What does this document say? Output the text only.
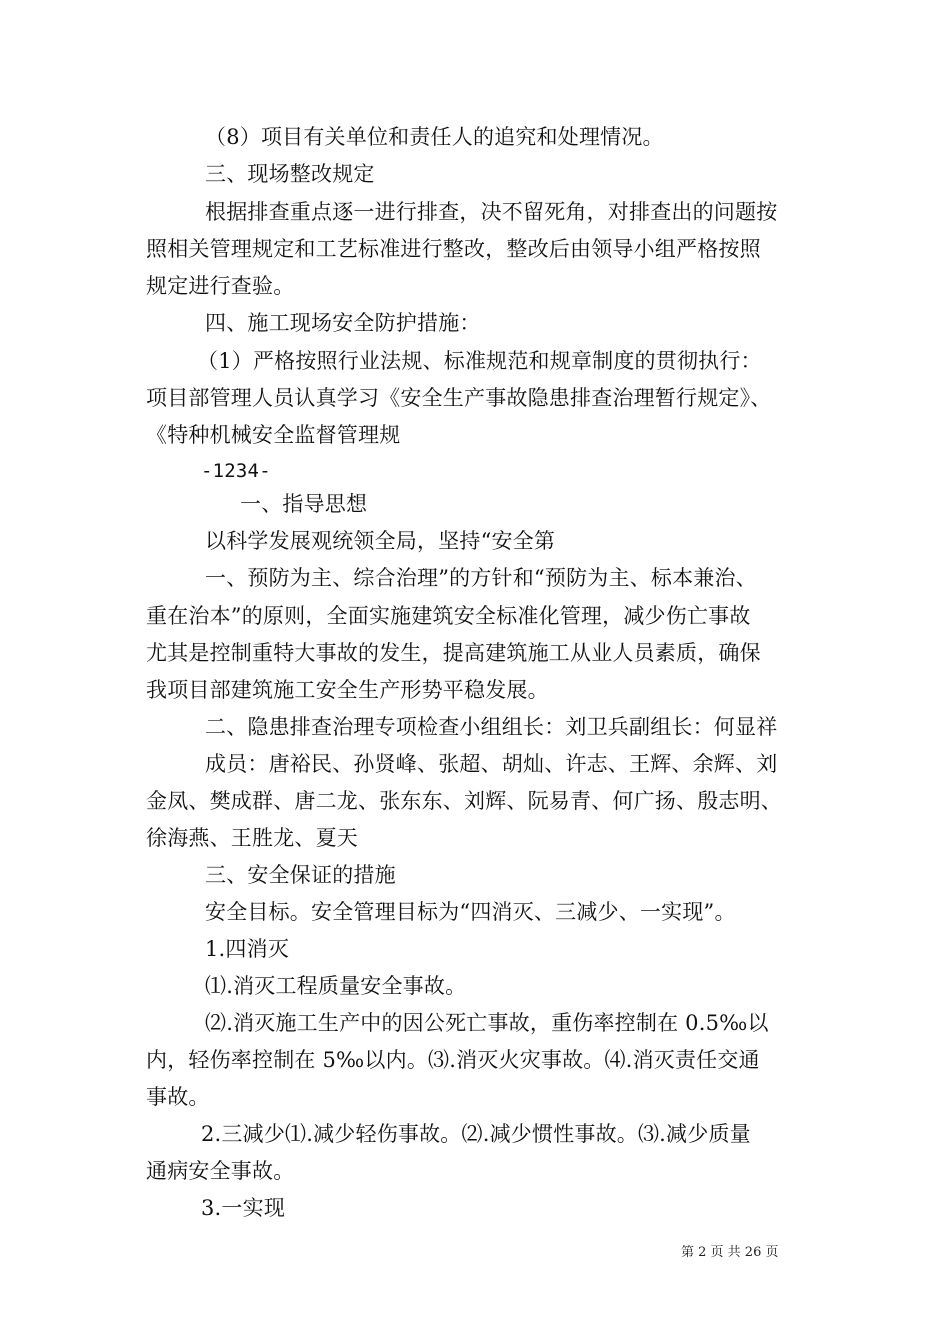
（8）项目有关单位和责任人的追究和处理情况。
三、现场整改规定
根据排查重点逐一进行排查，决不留死角，对排查出的问题按
照相关管理规定和工艺标准进行整改，整改后由领导小组严格按照
规定进行查验。
四、施工现场安全防护措施：
（1）严格按照行业法规、标准规范和规章制度的贯彻执行：
项目部管理人员认真学习《安全生产事故隐患排查治理暂行规定》、
《特种机械安全监督管理规
-1234-
一、指导思想
以科学发展观统领全局，坚持“安全第
一、预防为主、综合治理”的方针和“预防为主、标本兼治、
重在治本”的原则，全面实施建筑安全标准化管理，减少伤亡事故
尤其是控制重特大事故的发生，提高建筑施工从业人员素质，确保
我项目部建筑施工安全生产形势平稳发展。
二、隐患排查治理专项检查小组组长：刘卫兵副组长：何显祥
成员：唐裕民、孙贤峰、张超、胡灿、许志、王辉、余辉、刘
金凤、樊成群、唐二龙、张东东、刘辉、阮易青、何广扬、殷志明、
徐海燕、王胜龙、夏天
三、安全保证的措施
安全目标。安全管理目标为“四消灭、三减少、一实现”。
1.四消灭
⑴.消灭工程质量安全事故。
⑵.消灭施工生产中的因公死亡事故，重伤率控制在 0.5‰以
内，轻伤率控制在 5‰以内。⑶.消灭火灾事故。⑷.消灭责任交通
事故。
2.三减少⑴.减少轻伤事故。⑵.减少惯性事故。⑶.减少质量
通病安全事故。
3.一实现
第 2 页 共 26 页
